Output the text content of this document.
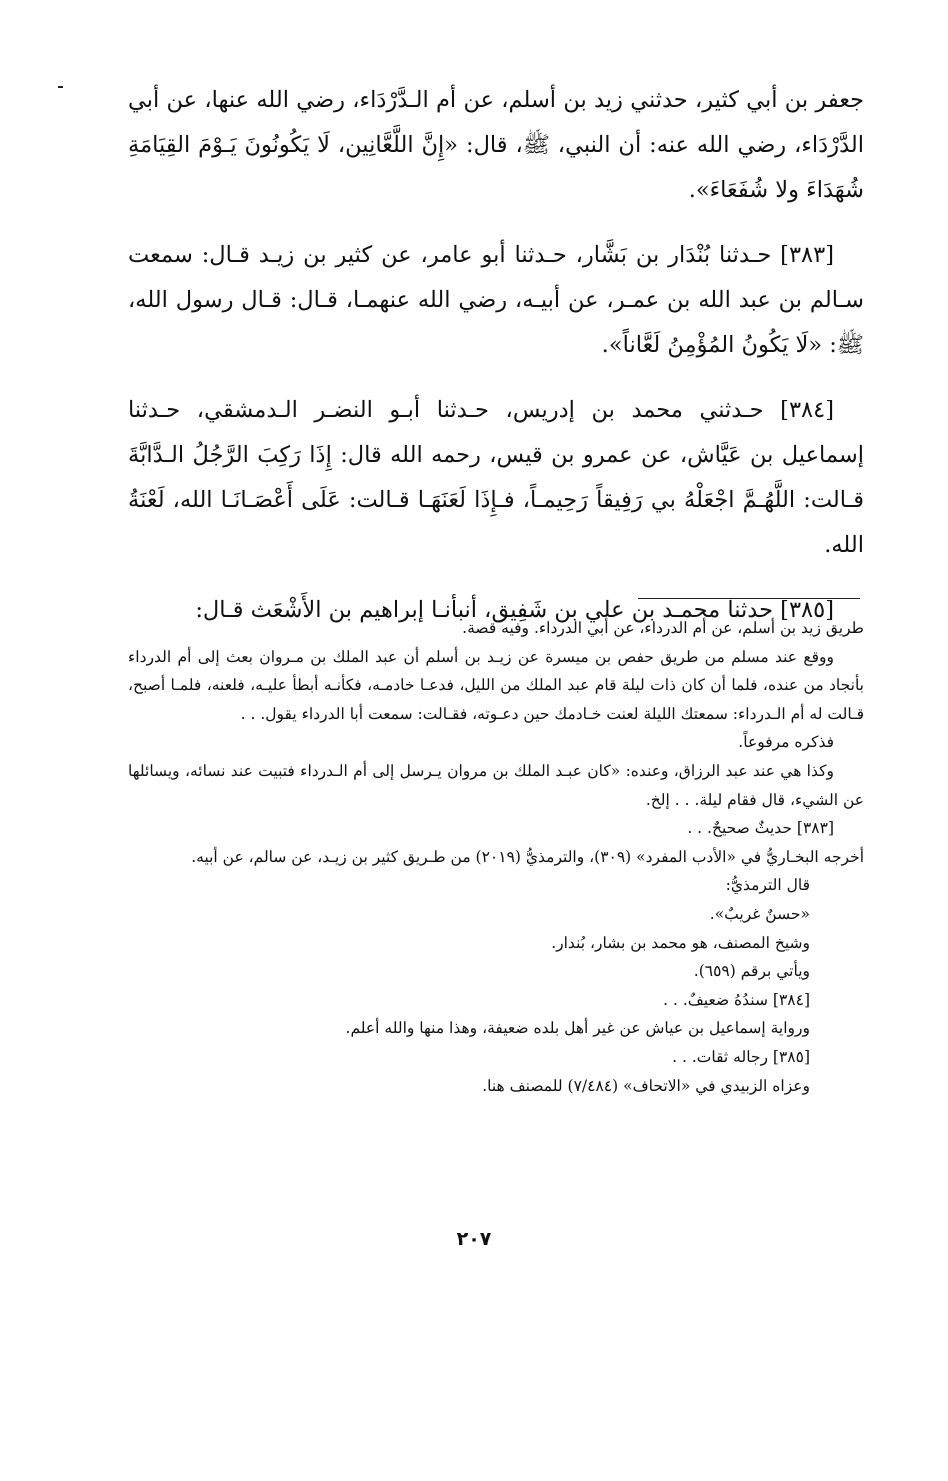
جعفر بن أبي كثير، حدثني زيد بن أسلم، عن أم الـدَّرْدَاء، رضي الله عنها، عن أبي الدَّرْدَاء، رضي الله عنه: أن النبي، ﷺ، قال: «إِنَّ اللَّعَّانِين، لَا يَكُونُونَ يَـوْمَ القِيَامَةِ شُهَدَاءَ ولا شُفَعَاءَ».

[٣٨٣] حـدثنا بُنْدَار بن بَشَّار، حـدثنا أبو عامر، عن كثير بن زيـد قـال: سمعت سـالم بن عبد الله بن عمـر، عن أبيـه، رضي الله عنهمـا، قـال: قـال رسول الله، ﷺ: «لَا يَكُونُ المُؤْمِنُ لَعَّاناً».

[٣٨٤] حـدثني محمد بن إدريس، حـدثنا أبـو النضـر الـدمشقي، حـدثنا إسماعيل بن عَيَّاش، عن عمرو بن قيس، رحمه الله قال: إِذَا رَكِبَ الرَّجُلُ الـدَّابَّةَ قـالت: اللَّهُـمَّ اجْعَلْهُ بي رَفِيقاً رَحِيمـاً، فـإِذَا لَعَنَهَـا قـالت: عَلَى أَعْصَـانَـا الله، لَعْنَةُ الله.

[٣٨٥] حدثنا محمـد بن علي بن شَفِيق، أنبأنـا إبراهيم بن الأَشْعَث قـال:

طريق زيد بن أسلم، عن أم الدرداء، عن أبي الدرداء. وفيه قصة.

ووقع عند مسلم من طريق حفص بن ميسرة عن زيـد بن أسلم أن عبد الملك بن مـروان بعث إلى أم الدرداء بأنجاد من عنده، فلما أن كان ذات ليلة قام عبد الملك من الليل، فدعـا خادمـه، فكأنـه أبطأ عليـه، فلعنه، فلمـا أصبح، قـالت له أم الـدرداء: سمعتك الليلة لعنت خـادمك حين دعـوته، فقـالت: سمعت أبا الدرداء يقول. . .

فذكره مرفوعاً.

وكذا هي عند عبد الرزاق، وعنده: «كان عبـد الملك بن مروان يـرسل إلى أم الـدرداء فتبيت عند نسائه، ويسائلها عن الشيء، قال فقام ليلة. . . إلخ.

[٣٨٣] حديثٌ صحيحٌ. . .

أخرجه البخـاريُّ في «الأدب المفرد» (٣٠٩)، والترمذيُّ (٢٠١٩) من طـريق كثير بن زيـد، عن سالم، عن أبيه.

قال الترمذيُّ:

«حسنٌ غريبٌ».

وشيخ المصنف، هو محمد بن بشار، بُندار.

ويأتي برقم (٦٥٩).

[٣٨٤] سندُهُ ضعيفٌ. . .

ورواية إسماعيل بن عياش عن غير أهل بلده ضعيفة، وهذا منها والله أعلم.

[٣٨٥] رجاله ثقات. . .

وعزاه الزبيدي في «الاتحاف» (٧/٤٨٤) للمصنف هنا.

٢٠٧
